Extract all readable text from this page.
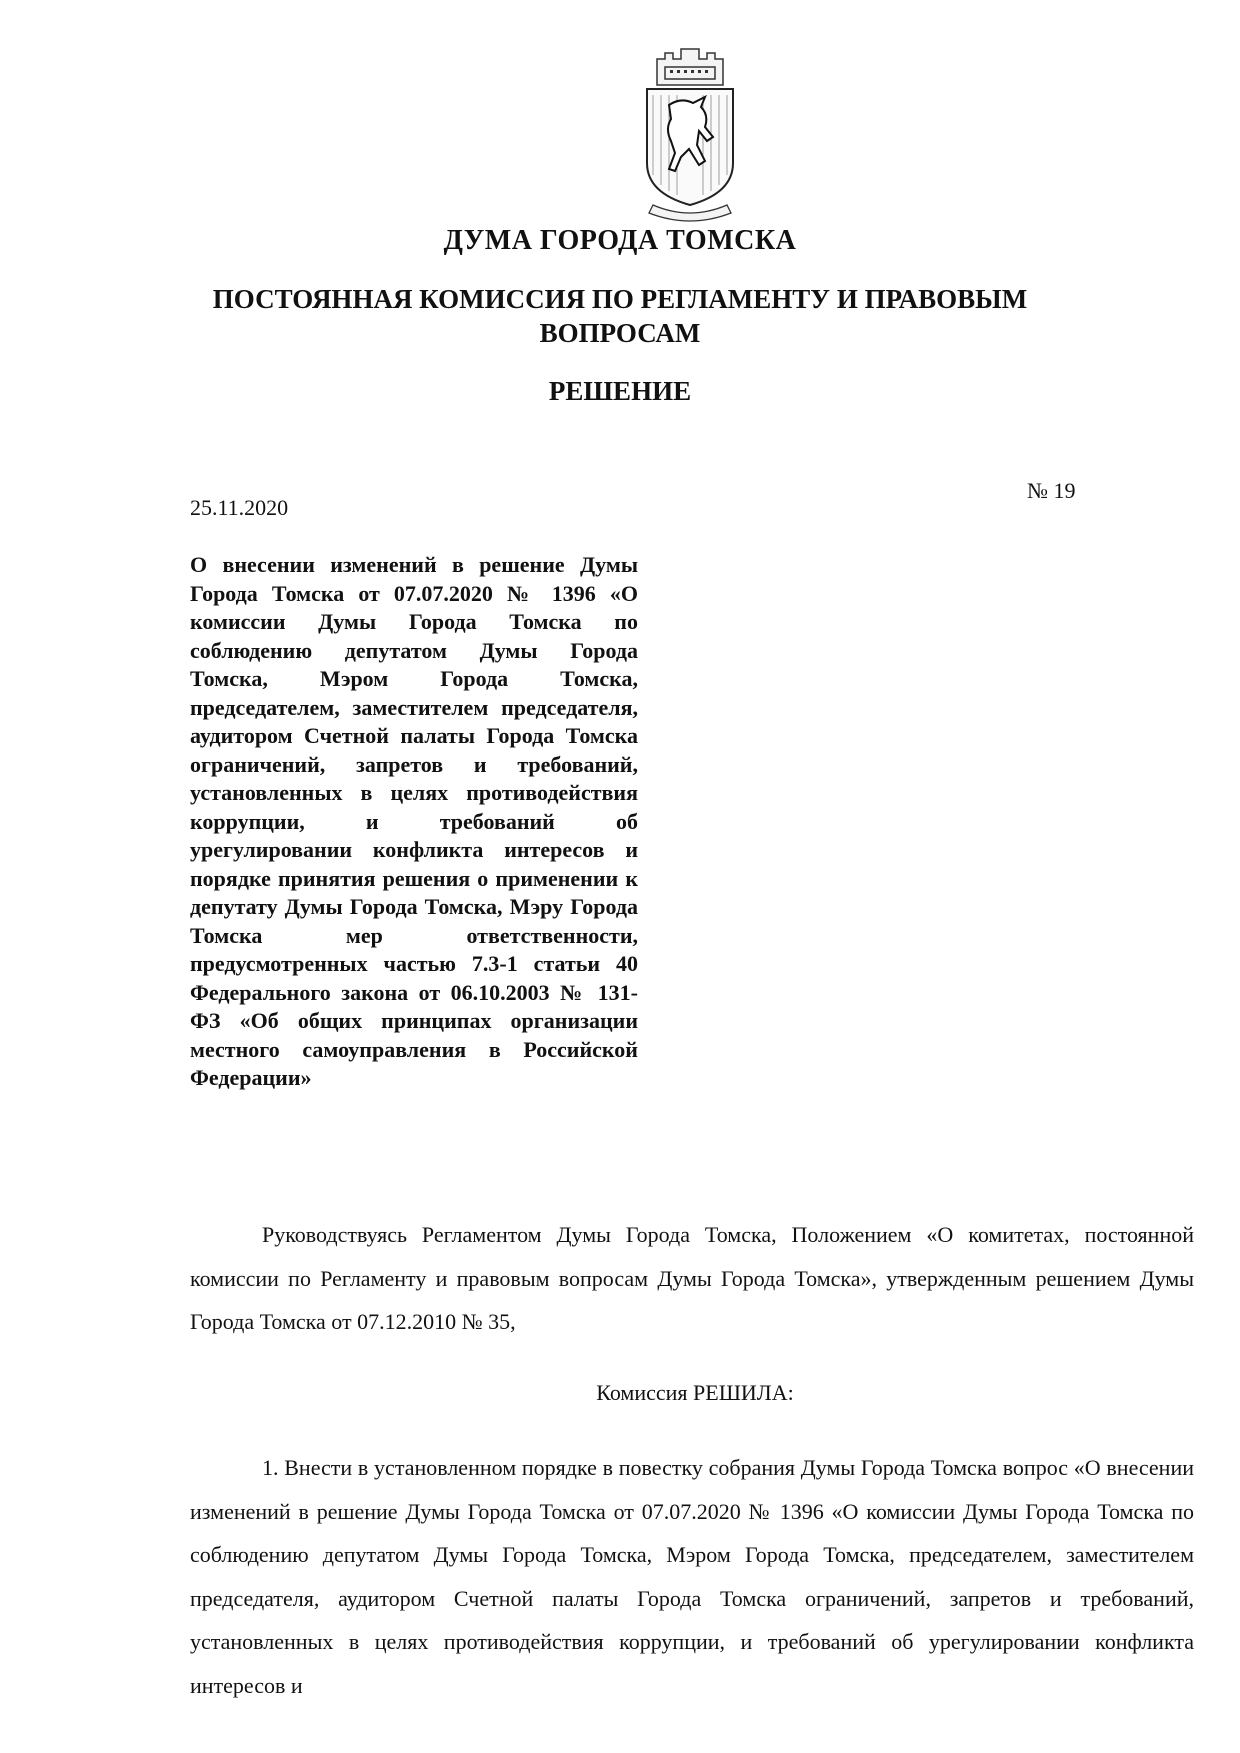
ДУМА ГОРОДА ТОМСКА
ПОСТОЯННАЯ КОМИССИЯ ПО РЕГЛАМЕНТУ И ПРАВОВЫМ ВОПРОСАМ
РЕШЕНИЕ
25.11.2020
№ 19
О внесении изменений в решение Думы Города Томска от 07.07.2020 № 1396 «О комиссии Думы Города Томска по соблюдению депутатом Думы Города Томска, Мэром Города Томска, председателем, заместителем председателя, аудитором Счетной палаты Города Томска ограничений, запретов и требований, установленных в целях противодействия коррупции, и требований об урегулировании конфликта интересов и порядке принятия решения о применении к депутату Думы Города Томска, Мэру Города Томска мер ответственности, предусмотренных частью 7.3-1 статьи 40 Федерального закона от 06.10.2003 № 131-ФЗ «Об общих принципах организации местного самоуправления в Российской Федерации»
Руководствуясь Регламентом Думы Города Томска, Положением «О комитетах, постоянной комиссии по Регламенту и правовым вопросам Думы Города Томска», утвержденным решением Думы Города Томска от 07.12.2010 № 35,
Комиссия РЕШИЛА:
1. Внести в установленном порядке в повестку собрания Думы Города Томска вопрос «О внесении изменений в решение Думы Города Томска от 07.07.2020 № 1396 «О комиссии Думы Города Томска по соблюдению депутатом Думы Города Томска, Мэром Города Томска, председателем, заместителем председателя, аудитором Счетной палаты Города Томска ограничений, запретов и требований, установленных в целях противодействия коррупции, и требований об урегулировании конфликта интересов и
